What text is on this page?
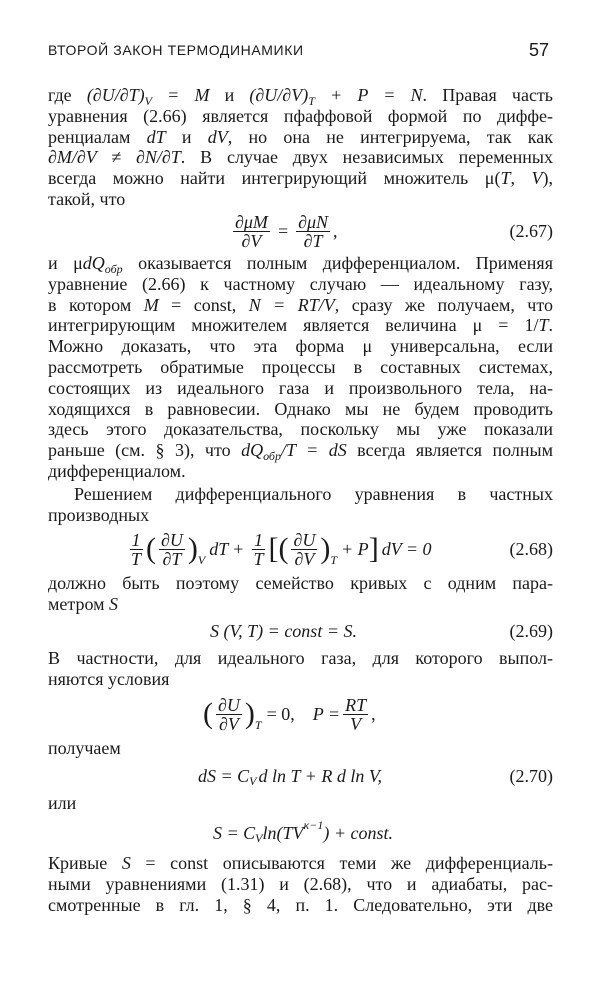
ВТОРОЙ ЗАКОН ТЕРМОДИНАМИКИ	57
где $(\partial U/\partial T)_V = M$ и $(\partial U/\partial V)_T + P = N$. Правая часть
уравнения (2.66) является пфаффовой формой по диффе-
ренциалам dT и dV, но она не интегрируема, так как
∂M/∂V ≠ ∂N/∂T. В случае двух независимых переменных
всегда можно найти интегрирующий множитель μ(T, V),
такой, что
$\frac{\partial\mu M}{\partial V} = \frac{\partial\mu N}{\partial T}$ ,	(2.67)
и μdQ$_{обр}$ оказывается полным дифференциалом. Применяя
уравнение (2.66) к частному случаю — идеальному газу,
в котором M = const, N = RT/V, сразу же получаем, что
интегрирующим множителем является величина μ = 1/T.
Можно доказать, что эта форма μ универсальна, если
рассмотреть обратимые процессы в составных системах,
состоящих из идеального газа и произвольного тела, на-
ходящихся в равновесии. Однако мы не будем проводить
здесь этого доказательства, поскольку мы уже показали
раньше (см. § 3), что $dQ_{обр}/T$ = dS всегда является полным
дифференциалом.
Решением дифференциального уравнения в частных
производных
$\frac{1}{T}$ ( $\frac{\partial U}{\partial T}$ ) V
dT + $\frac{1}{T}$ [( $\frac{\partial U}{\partial V}$ ) T
+ P ] dV = 0	(2.68)
должно быть поэтому семейство кривых с одним пара-
метром S
S (V, T) = const = S.	(2.69)
В частности, для идеального газа, для которого выпол-
няются условия
( $\frac{\partial U}{\partial V}$ ) T
= 0, $P = \frac{RT}{V}$ ,
получаем
dS = C V d ln T + R d ln V,	(2.70)
или
S = C V ln(TV κ−1 ) + const.
Кривые S = const описываются теми же дифференциаль-
ными уравнениями (1.31) и (2.68), что и адиабаты, рас-
смотренные в гл. 1, § 4, п. 1. Следовательно, эти две
